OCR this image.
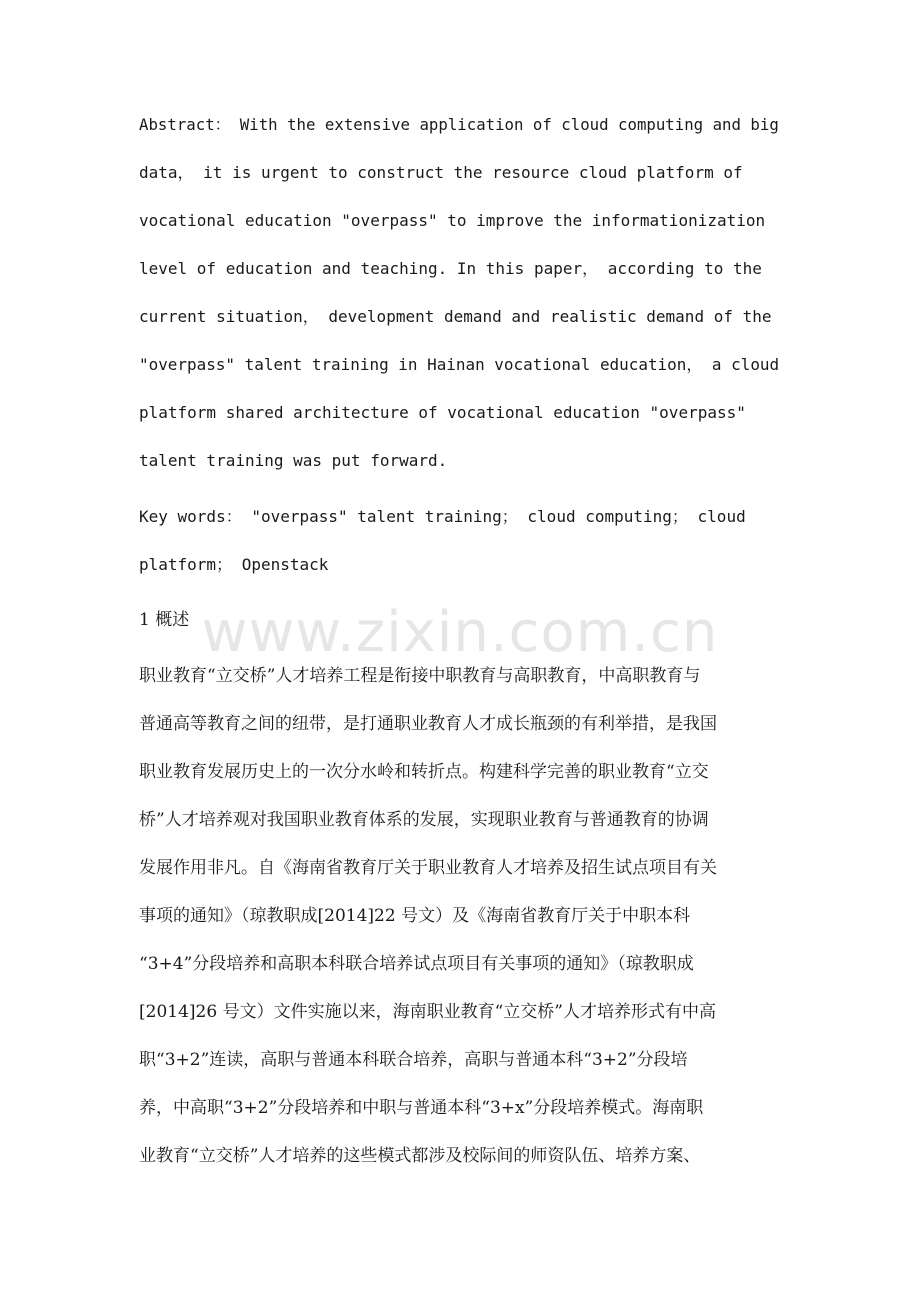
www.zixin.com.cn
Abstract： With the extensive application of cloud computing and big
data， it is urgent to construct the resource cloud platform of
vocational education "overpass" to improve the informationization
level of education and teaching. In this paper， according to the
current situation， development demand and realistic demand of the
"overpass" talent training in Hainan vocational education， a cloud
platform shared architecture of vocational education "overpass"
talent training was put forward.
Key words： "overpass" talent training； cloud computing； cloud
platform； Openstack
1 概述
职业教育“立交桥”人才培养工程是衔接中职教育与高职教育，中高职教育与
普通高等教育之间的纽带，是打通职业教育人才成长瓶颈的有利举措，是我国
职业教育发展历史上的一次分水岭和转折点。构建科学完善的职业教育“立交
桥”人才培养观对我国职业教育体系的发展，实现职业教育与普通教育的协调
发展作用非凡。自《海南省教育厅关于职业教育人才培养及招生试点项目有关
事项的通知》（琼教职成[2014]22 号文）及《海南省教育厅关于中职本科
“3+4”分段培养和高职本科联合培养试点项目有关事项的通知》（琼教职成
[2014]26 号文）文件实施以来，海南职业教育“立交桥”人才培养形式有中高
职“3+2”连读，高职与普通本科联合培养，高职与普通本科“3+2”分段培
养，中高职“3+2”分段培养和中职与普通本科“3+x”分段培养模式。海南职
业教育“立交桥”人才培养的这些模式都涉及校际间的师资队伍、培养方案、
